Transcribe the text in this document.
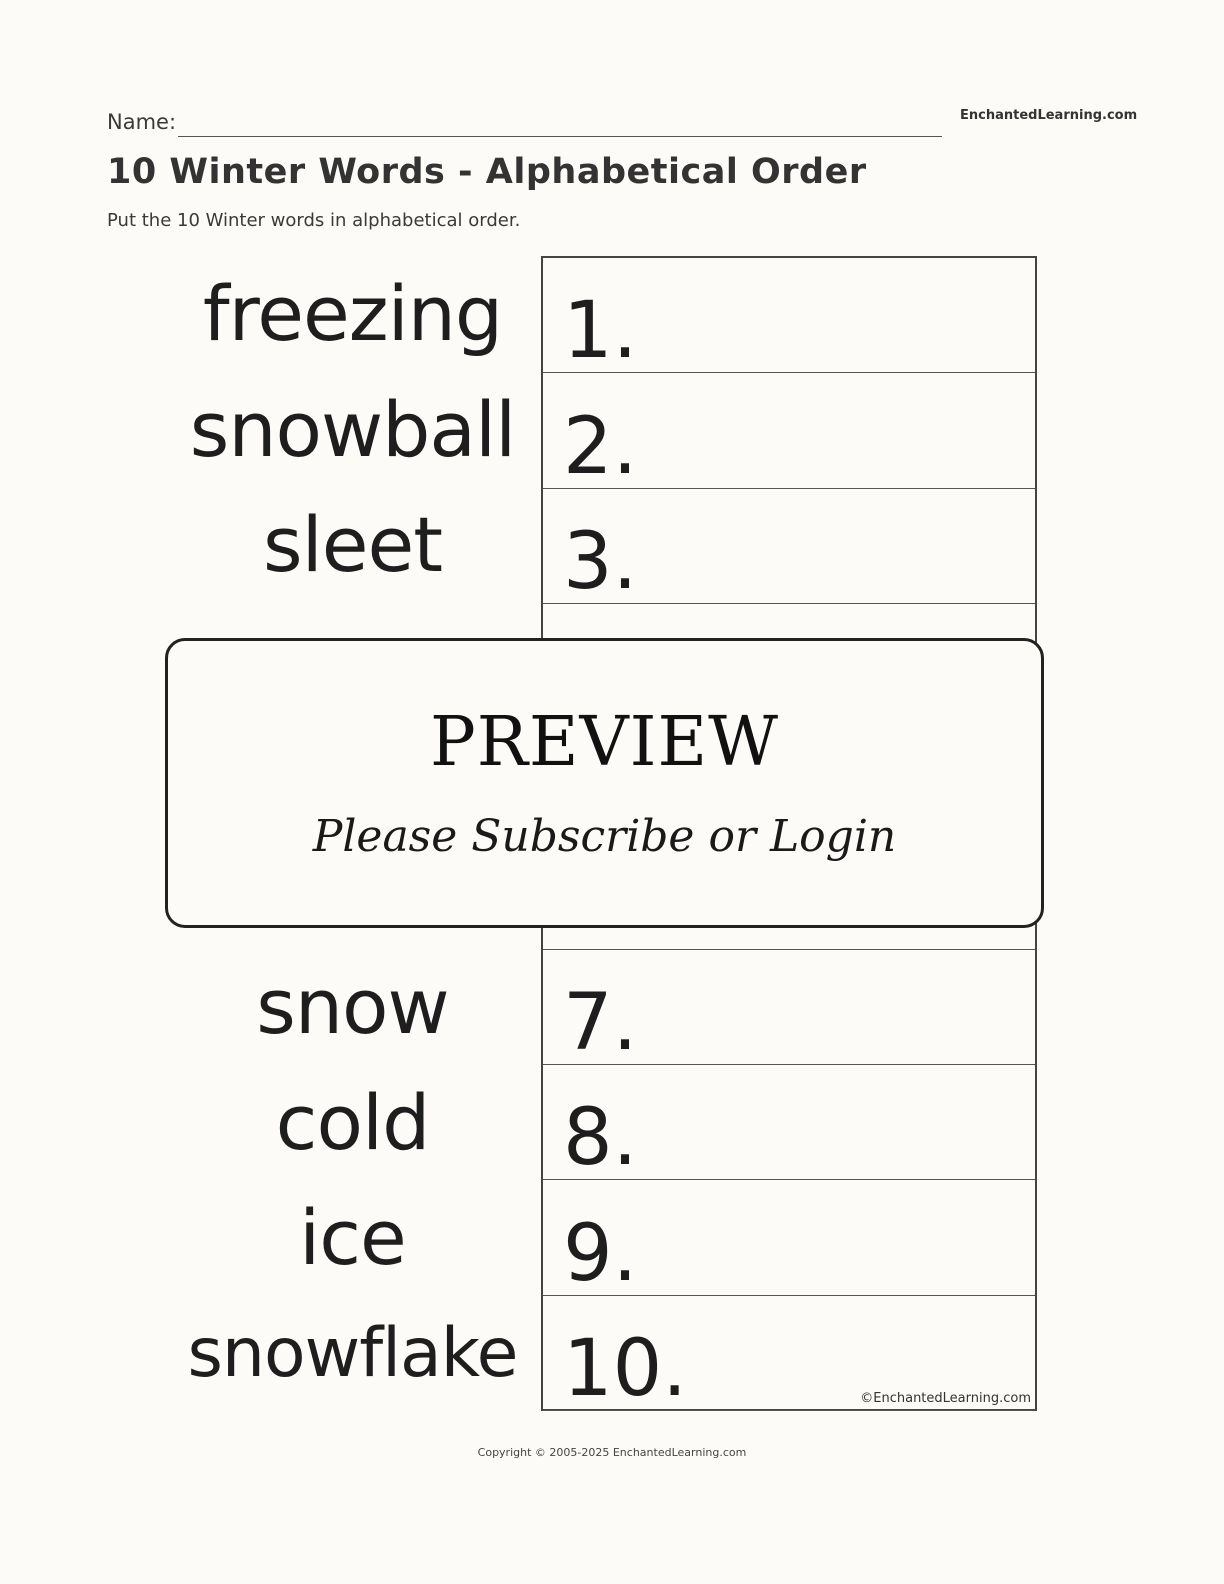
Name:	EnchantedLearning.com
10 Winter Words - Alphabetical Order
Put the 10 Winter words in alphabetical order.
freezing
snowball
sleet
snow
cold
ice
snowflake
1.
2.
3.
7.
8.
9.
10.	©EnchantedLearning.com
PREVIEW
Please Subscribe or Login
Copyright © 2005-2025 EnchantedLearning.com
